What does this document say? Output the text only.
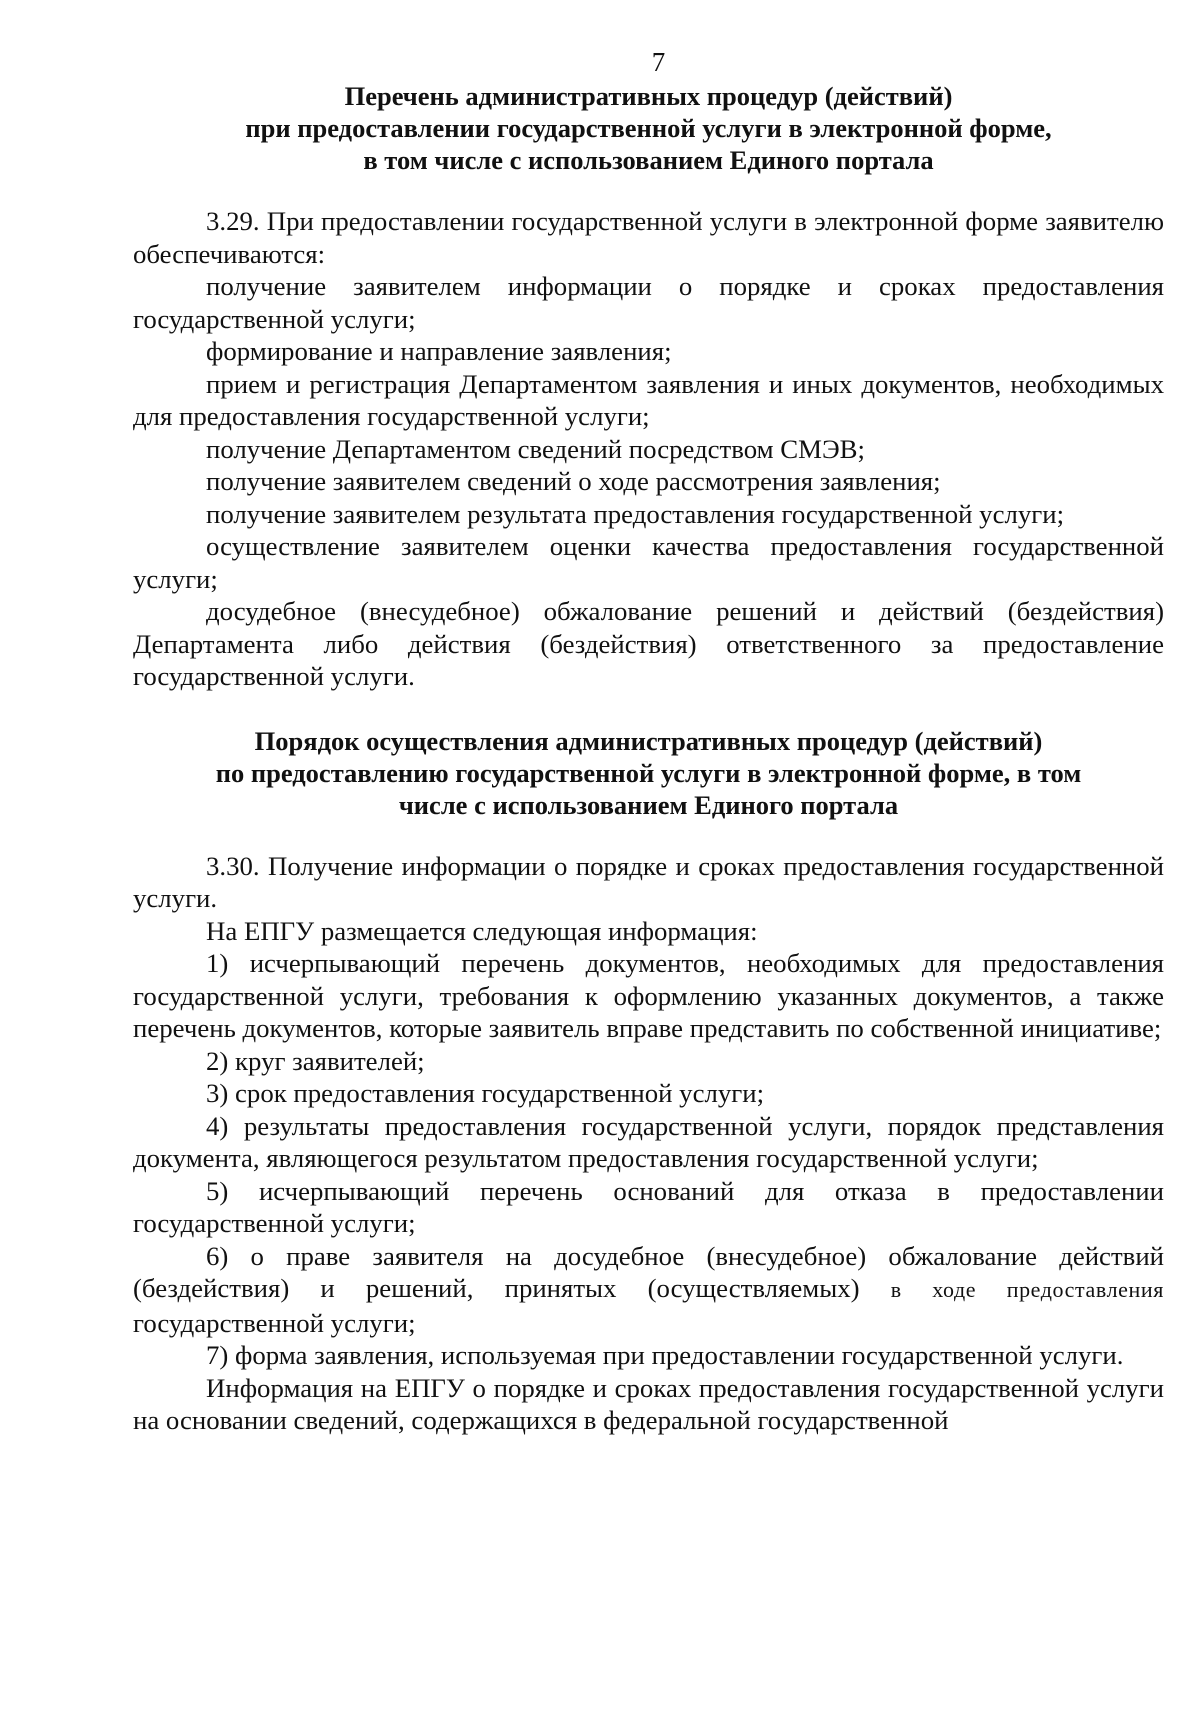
7
Перечень административных процедур (действий)
при предоставлении государственной услуги в электронной форме,
в том числе с использованием Единого портала

3.29. При предоставлении государственной услуги в электронной форме заявителю обеспечиваются:

получение заявителем информации о порядке и сроках предоставления государственной услуги;

формирование и направление заявления;

прием и регистрация Департаментом заявления и иных документов, необходимых для предоставления государственной услуги;

получение Департаментом сведений посредством СМЭВ;

получение заявителем сведений о ходе рассмотрения заявления;

получение заявителем результата предоставления государственной услуги;

осуществление заявителем оценки качества предоставления государственной услуги;

досудебное (внесудебное) обжалование решений и действий (бездействия) Департамента либо действия (бездействия) ответственного за предоставление государственной услуги.

Порядок осуществления административных процедур (действий)
по предоставлению государственной услуги в электронной форме, в том
числе с использованием Единого портала

3.30. Получение информации о порядке и сроках предоставления государственной услуги.

На ЕПГУ размещается следующая информация:

1) исчерпывающий перечень документов, необходимых для предоставления государственной услуги, требования к оформлению указанных документов, а также перечень документов, которые заявитель вправе представить по собственной инициативе;

2) круг заявителей;

3) срок предоставления государственной услуги;

4) результаты предоставления государственной услуги, порядок представления документа, являющегося результатом предоставления государственной услуги;

5) исчерпывающий перечень оснований для отказа в предоставлении государственной услуги;

6) о праве заявителя на досудебное (внесудебное) обжалование действий (бездействия) и решений, принятых (осуществляемых) в ходе предоставления государственной услуги;

7) форма заявления, используемая при предоставлении государственной услуги.

Информация на ЕПГУ о порядке и сроках предоставления государственной услуги на основании сведений, содержащихся в федеральной государственной
